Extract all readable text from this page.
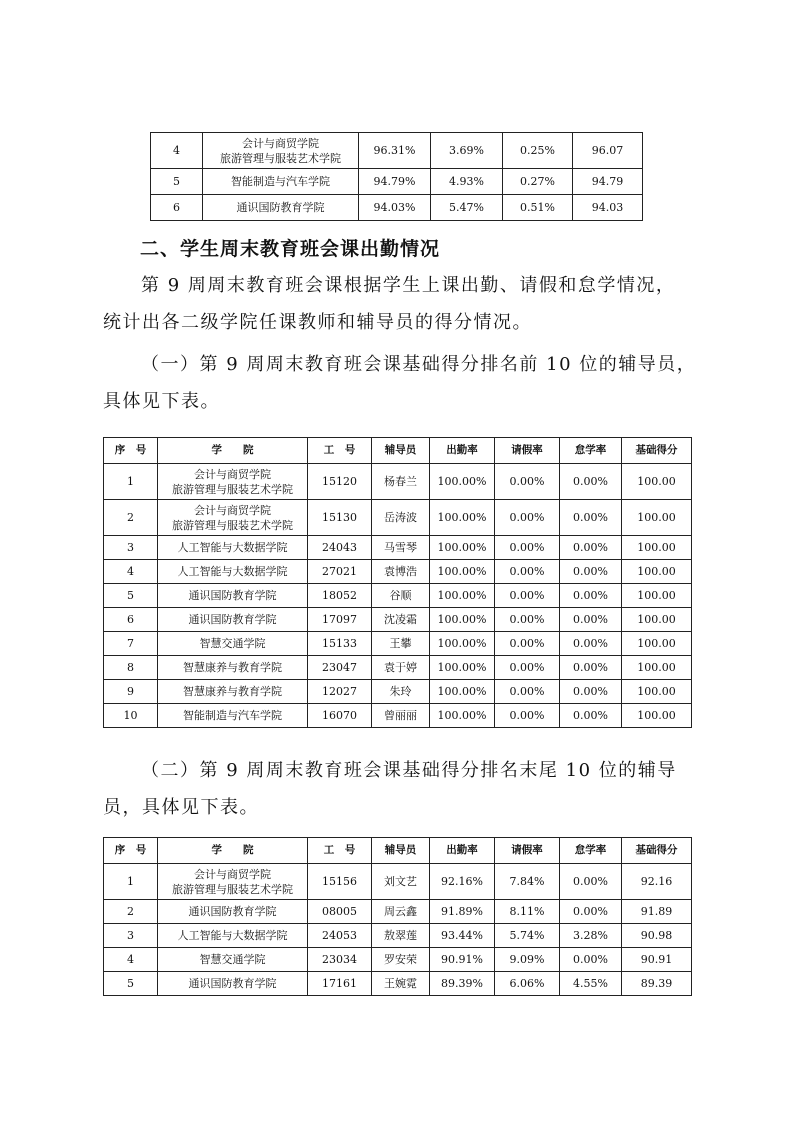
4	会计与商贸学院
旅游管理与服装艺术学院	96.31%	3.69%	0.25%	96.07
5	智能制造与汽车学院	94.79%	4.93%	0.27%	94.79
6	通识国防教育学院	94.03%	5.47%	0.51%	94.03
二、学生周末教育班会课出勤情况
第 9 周周末教育班会课根据学生上课出勤、请假和怠学情况，
统计出各二级学院任课教师和辅导员的得分情况。
（一）第 9 周周末教育班会课基础得分排名前 10 位的辅导员，
具体见下表。
序　号	学　　院	工　号	辅导员	出勤率	请假率	怠学率	基础得分
1	会计与商贸学院
旅游管理与服装艺术学院	15120	杨春兰	100.00%	0.00%	0.00%	100.00
2	会计与商贸学院
旅游管理与服装艺术学院	15130	岳涛波	100.00%	0.00%	0.00%	100.00
3	人工智能与大数据学院	24043	马雪琴	100.00%	0.00%	0.00%	100.00
4	人工智能与大数据学院	27021	袁博浩	100.00%	0.00%	0.00%	100.00
5	通识国防教育学院	18052	谷顺	100.00%	0.00%	0.00%	100.00
6	通识国防教育学院	17097	沈凌霜	100.00%	0.00%	0.00%	100.00
7	智慧交通学院	15133	王攀	100.00%	0.00%	0.00%	100.00
8	智慧康养与教育学院	23047	袁于婷	100.00%	0.00%	0.00%	100.00
9	智慧康养与教育学院	12027	朱玲	100.00%	0.00%	0.00%	100.00
10	智能制造与汽车学院	16070	曾丽丽	100.00%	0.00%	0.00%	100.00
（二）第 9 周周末教育班会课基础得分排名末尾 10 位的辅导
员，具体见下表。
序　号	学　　院	工　号	辅导员	出勤率	请假率	怠学率	基础得分
1	会计与商贸学院
旅游管理与服装艺术学院	15156	刘文艺	92.16%	7.84%	0.00%	92.16
2	通识国防教育学院	08005	周云鑫	91.89%	8.11%	0.00%	91.89
3	人工智能与大数据学院	24053	敖翠莲	93.44%	5.74%	3.28%	90.98
4	智慧交通学院	23034	罗安荣	90.91%	9.09%	0.00%	90.91
5	通识国防教育学院	17161	王婉霓	89.39%	6.06%	4.55%	89.39
